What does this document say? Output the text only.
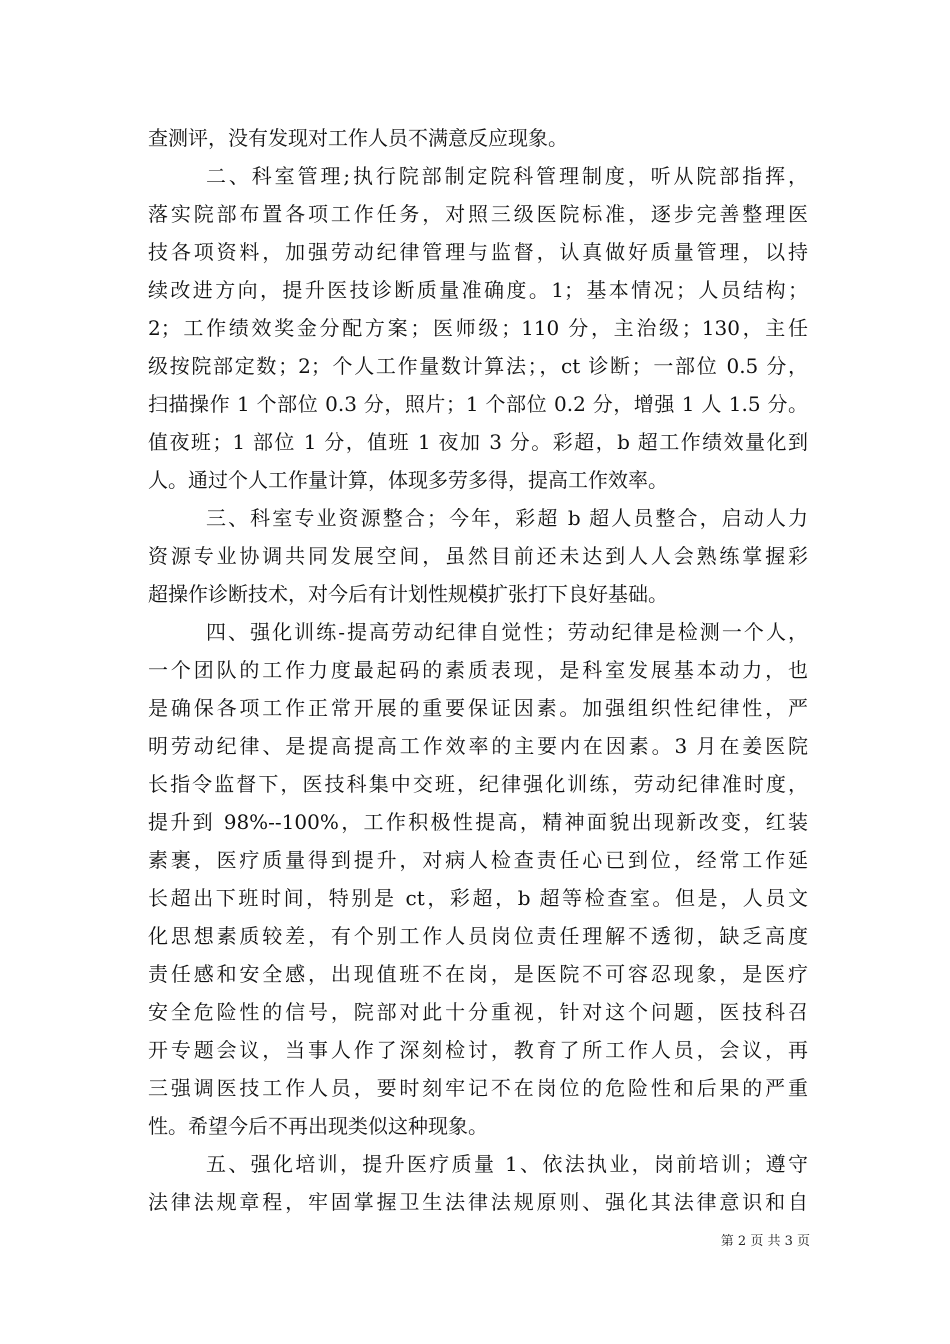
查测评，没有发现对工作人员不满意反应现象。
二、科室管理;执行院部制定院科管理制度，听从院部指挥，
落实院部布置各项工作任务，对照三级医院标准，逐步完善整理医
技各项资料，加强劳动纪律管理与监督，认真做好质量管理，以持
续改进方向，提升医技诊断质量准确度。1；基本情况；人员结构；
2；工作绩效奖金分配方案；医师级；110 分，主治级；130，主任
级按院部定数；2；个人工作量数计算法；，ct 诊断；一部位 0.5 分，
扫描操作 1 个部位 0.3 分，照片；1 个部位 0.2 分，增强 1 人 1.5 分。
值夜班；1 部位 1 分，值班 1 夜加 3 分。彩超，b 超工作绩效量化到
人。通过个人工作量计算，体现多劳多得，提高工作效率。
三、科室专业资源整合；今年，彩超 b 超人员整合，启动人力
资源专业协调共同发展空间，虽然目前还未达到人人会熟练掌握彩
超操作诊断技术，对今后有计划性规模扩张打下良好基础。
四、强化训练-提高劳动纪律自觉性；劳动纪律是检测一个人，
一个团队的工作力度最起码的素质表现，是科室发展基本动力，也
是确保各项工作正常开展的重要保证因素。加强组织性纪律性，严
明劳动纪律、是提高提高工作效率的主要内在因素。3 月在姜医院
长指令监督下，医技科集中交班，纪律强化训练，劳动纪律准时度，
提升到 98%--100%，工作积极性提高，精神面貌出现新改变，红装
素裹，医疗质量得到提升，对病人检查责任心已到位，经常工作延
长超出下班时间，特别是 ct，彩超，b 超等检查室。但是，人员文
化思想素质较差，有个别工作人员岗位责任理解不透彻，缺乏高度
责任感和安全感，出现值班不在岗，是医院不可容忍现象，是医疗
安全危险性的信号，院部对此十分重视，针对这个问题，医技科召
开专题会议，当事人作了深刻检讨，教育了所工作人员，会议，再
三强调医技工作人员，要时刻牢记不在岗位的危险性和后果的严重
性。希望今后不再出现类似这种现象。
五、强化培训，提升医疗质量 1、依法执业，岗前培训；遵守
法律法规章程，牢固掌握卫生法律法规原则、强化其法律意识和自
第 2 页 共 3 页
